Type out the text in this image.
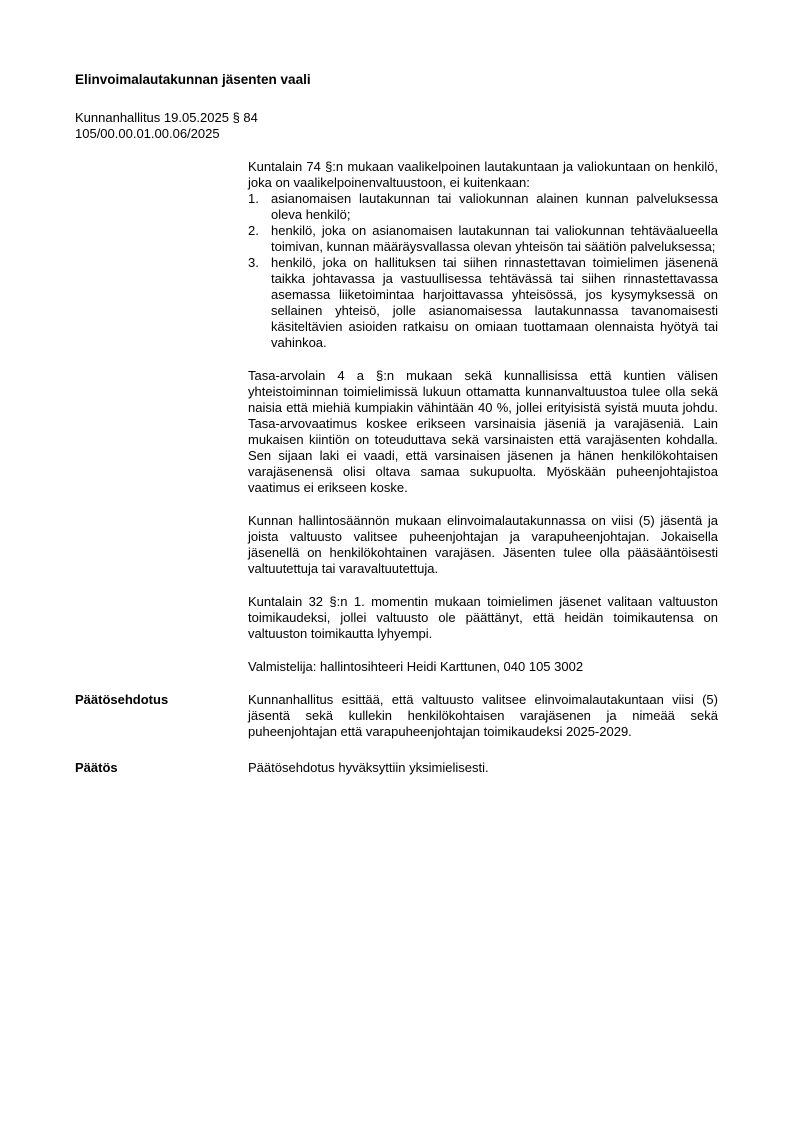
Elinvoimalautakunnan jäsenten vaali
Kunnanhallitus 19.05.2025 § 84
105/00.00.01.00.06/2025

Kuntalain 74 §:n mukaan vaalikelpoinen lautakuntaan ja valiokuntaan on henkilö, joka on vaalikelpoinenvaltuustoon, ei kuitenkaan:

1. asianomaisen lautakunnan tai valiokunnan alainen kunnan palveluksessa oleva henkilö;
2. henkilö, joka on asianomaisen lautakunnan tai valiokunnan tehtäväalueella toimivan, kunnan määräysvallassa olevan yhteisön tai säätiön palveluksessa;
3. henkilö, joka on hallituksen tai siihen rinnastettavan toimielimen jäsenenä taikka johtavassa ja vastuullisessa tehtävässä tai siihen rinnastettavassa asemassa liiketoimintaa harjoittavassa yhteisössä, jos kysymyksessä on sellainen yhteisö, jolle asianomaisessa lautakunnassa tavanomaisesti käsiteltävien asioiden ratkaisu on omiaan tuottamaan olennaista hyötyä tai vahinkoa.

Tasa-arvolain 4 a §:n mukaan sekä kunnallisissa että kuntien välisen yhteistoiminnan toimielimissä lukuun ottamatta kunnanvaltuustoa tulee olla sekä naisia että miehiä kumpiakin vähintään 40 %, jollei erityisistä syistä muuta johdu. Tasa-arvovaatimus koskee erikseen varsinaisia jäseniä ja varajäseniä. Lain mukaisen kiintiön on toteuduttava sekä varsinaisten että varajäsenten kohdalla. Sen sijaan laki ei vaadi, että varsinaisen jäsenen ja hänen henkilökohtaisen varajäsenensä olisi oltava samaa sukupuolta. Myöskään puheenjohtajistoa vaatimus ei erikseen koske.

Kunnan hallintosäännön mukaan elinvoimalautakunnassa on viisi (5) jäsentä ja joista valtuusto valitsee puheenjohtajan ja varapuheenjohtajan. Jokaisella jäsenellä on henkilökohtainen varajäsen. Jäsenten tulee olla pääsääntöisesti valtuutettuja tai varavaltuutettuja.

Kuntalain 32 §:n 1. momentin mukaan toimielimen jäsenet valitaan valtuuston toimikaudeksi, jollei valtuusto ole päättänyt, että heidän toimikautensa on valtuuston toimikautta lyhyempi.

Valmistelija: hallintosihteeri Heidi Karttunen, 040 105 3002

Päätösehdotus	Kunnanhallitus esittää, että valtuusto valitsee elinvoimalautakuntaan viisi (5) jäsentä sekä kullekin henkilökohtaisen varajäsenen ja nimeää sekä puheenjohtajan että varapuheenjohtajan toimikaudeksi 2025-2029.
Päätös	Päätösehdotus hyväksyttiin yksimielisesti.
